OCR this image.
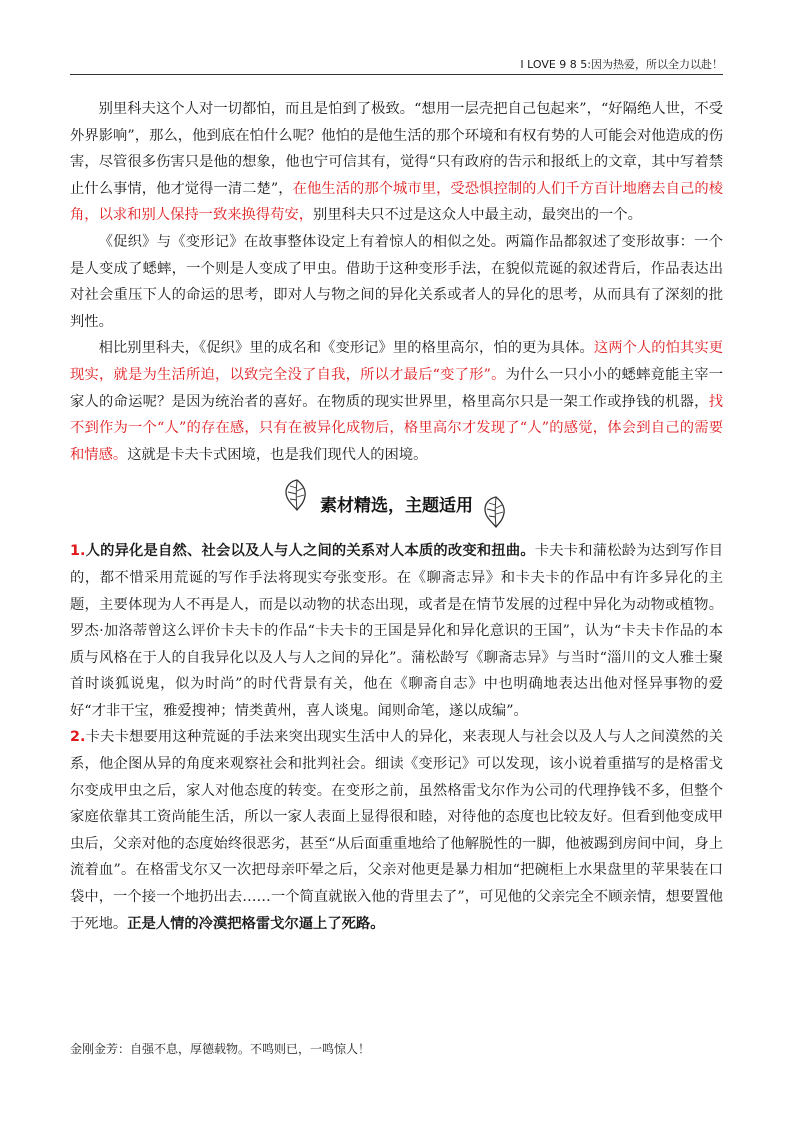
I LOVE 9 8 5:因为热爱，所以全力以赴！

别里科夫这个人对一切都怕，而且是怕到了极致。“想用一层壳把自己包起来”，“好隔绝人世，不受外界影响”，那么，他到底在怕什么呢？他怕的是他生活的那个环境和有权有势的人可能会对他造成的伤害，尽管很多伤害只是他的想象，他也宁可信其有，觉得“只有政府的告示和报纸上的文章，其中写着禁止什么事情，他才觉得一清二楚”，在他生活的那个城市里，受恐惧控制的人们千方百计地磨去自己的棱角，以求和别人保持一致来换得苟安，别里科夫只不过是这众人中最主动，最突出的一个。

《促织》与《变形记》在故事整体设定上有着惊人的相似之处。两篇作品都叙述了变形故事：一个是人变成了蟋蟀，一个则是人变成了甲虫。借助于这种变形手法，在貌似荒诞的叙述背后，作品表达出对社会重压下人的命运的思考，即对人与物之间的异化关系或者人的异化的思考，从而具有了深刻的批判性。

相比别里科夫，《促织》里的成名和《变形记》里的格里高尔，怕的更为具体。这两个人的怕其实更现实，就是为生活所迫，以致完全没了自我，所以才最后“变了形”。为什么一只小小的蟋蟀竟能主宰一家人的命运呢？是因为统治者的喜好。在物质的现实世界里，格里高尔只是一架工作或挣钱的机器，找不到作为一个“人”的存在感，只有在被异化成物后，格里高尔才发现了“人”的感觉，体会到自己的需要和情感。这就是卡夫卡式困境，也是我们现代人的困境。

素材精选，主题适用

1.人的异化是自然、社会以及人与人之间的关系对人本质的改变和扭曲。卡夫卡和蒲松龄为达到写作目的，都不惜采用荒诞的写作手法将现实夸张变形。在《聊斋志异》和卡夫卡的作品中有许多异化的主题，主要体现为人不再是人，而是以动物的状态出现，或者是在情节发展的过程中异化为动物或植物。罗杰·加洛蒂曾这么评价卡夫卡的作品“卡夫卡的王国是异化和异化意识的王国”，认为“卡夫卡作品的本质与风格在于人的自我异化以及人与人之间的异化”。蒲松龄写《聊斋志异》与当时“淄川的文人雅士聚首时谈狐说鬼，似为时尚”的时代背景有关，他在《聊斋自志》中也明确地表达出他对怪异事物的爱好“才非干宝，雅爱搜神；情类黄州，喜人谈鬼。闻则命笔，遂以成编”。

2.卡夫卡想要用这种荒诞的手法来突出现实生活中人的异化，来表现人与社会以及人与人之间漠然的关系，他企图从异的角度来观察社会和批判社会。细读《变形记》可以发现，该小说着重描写的是格雷戈尔变成甲虫之后，家人对他态度的转变。在变形之前，虽然格雷戈尔作为公司的代理挣钱不多，但整个家庭依靠其工资尚能生活，所以一家人表面上显得很和睦，对待他的态度也比较友好。但看到他变成甲虫后，父亲对他的态度始终很恶劣，甚至“从后面重重地给了他解脱性的一脚，他被踢到房间中间，身上流着血”。在格雷戈尔又一次把母亲吓晕之后，父亲对他更是暴力相加“把碗柜上水果盘里的苹果装在口袋中，一个接一个地扔出去……一个简直就嵌入他的背里去了”，可见他的父亲完全不顾亲情，想要置他于死地。正是人情的冷漠把格雷戈尔逼上了死路。

金刚金芳：自强不息，厚德载物。不鸣则已，一鸣惊人！
